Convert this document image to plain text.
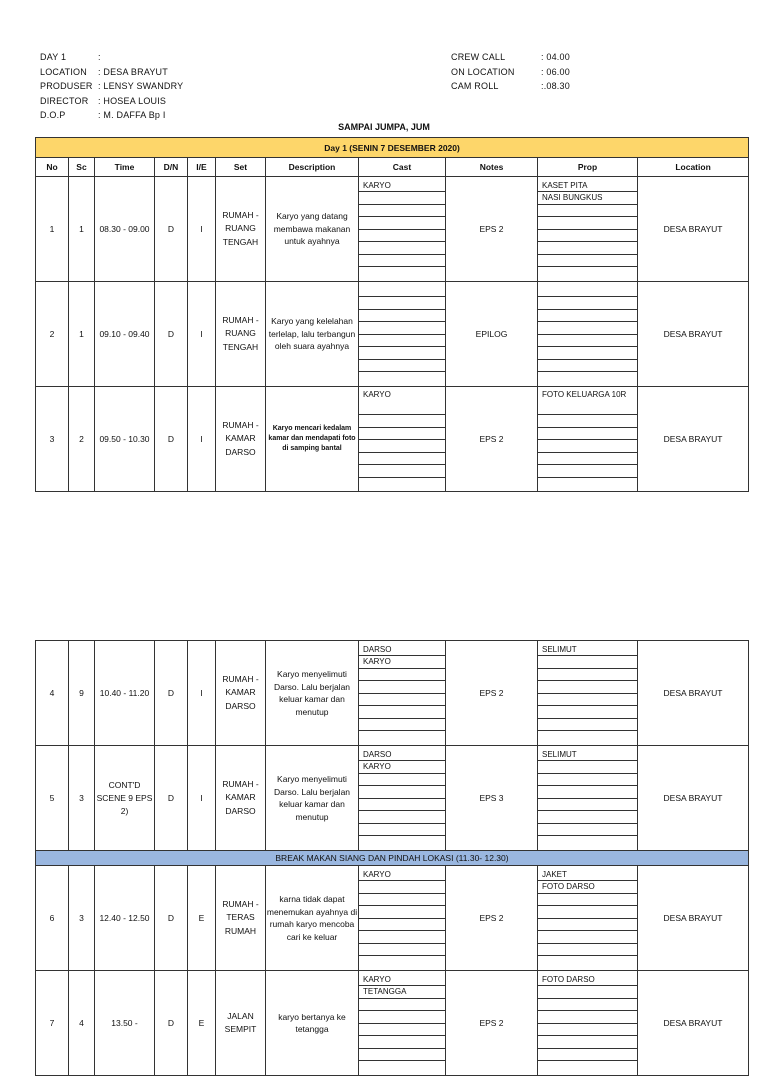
DAY 1	:
LOCATION	: DESA BRAYUT
PRODUSER : LENSY SWANDRY
DIRECTOR	: HOSEA LOUIS
D.O.P	: M. DAFFA Bp I
CREW CALL	: 04.00
ON LOCATION	: 06.00
CAM ROLL	:.08.30
SAMPAI JUMPA, JUM
Day 1 (SENIN 7 DESEMBER 2020)										
No	Sc	Time	D/N	I/E	Set	Description	Cast	Notes	Prop	Location
1	1	08.30 - 09.00	D	I	RUMAH - RUANG TENGAH	Karyo yang datang membawa makanan untuk ayahnya	KARYO	EPS 2	KASET PITA
NASI BUNGKUS	DESA BRAYUT
2	1	09.10 - 09.40	D	I	RUMAH - RUANG TENGAH	Karyo yang kelelahan terlelap, lalu terbangun oleh suara ayahnya		EPILOG		DESA BRAYUT
3	2	09.50 - 10.30	D	I	RUMAH - KAMAR DARSO	Karyo mencari kedalam kamar dan mendapati foto di samping bantal	KARYO	EPS 2	FOTO KELUARGA 10R	DESA BRAYUT
4	9	10.40 - 11.20	D	I	RUMAH - KAMAR DARSO	Karyo menyelimuti Darso. Lalu berjalan keluar kamar dan menutup	DARSO
KARYO	EPS 2	SELIMUT	DESA BRAYUT
5	3	CONT'D SCENE 9 EPS 2)	D	I	RUMAH - KAMAR DARSO	Karyo menyelimuti Darso. Lalu berjalan keluar kamar dan menutup	DARSO
KARYO	EPS 3	SELIMUT	DESA BRAYUT
BREAK MAKAN SIANG DAN PINDAH LOKASI (11.30- 12.30)										
6	3	12.40 - 12.50	D	E	RUMAH - TERAS RUMAH	karna tidak dapat menemukan ayahnya di rumah karyo mencoba cari ke keluar	KARYO	EPS 2	JAKET
FOTO DARSO	DESA BRAYUT
7	4	13.50 -	D	E	JALAN SEMPIT	karyo bertanya ke tetangga	KARYO
TETANGGA	EPS 2	FOTO DARSO	DESA BRAYUT
